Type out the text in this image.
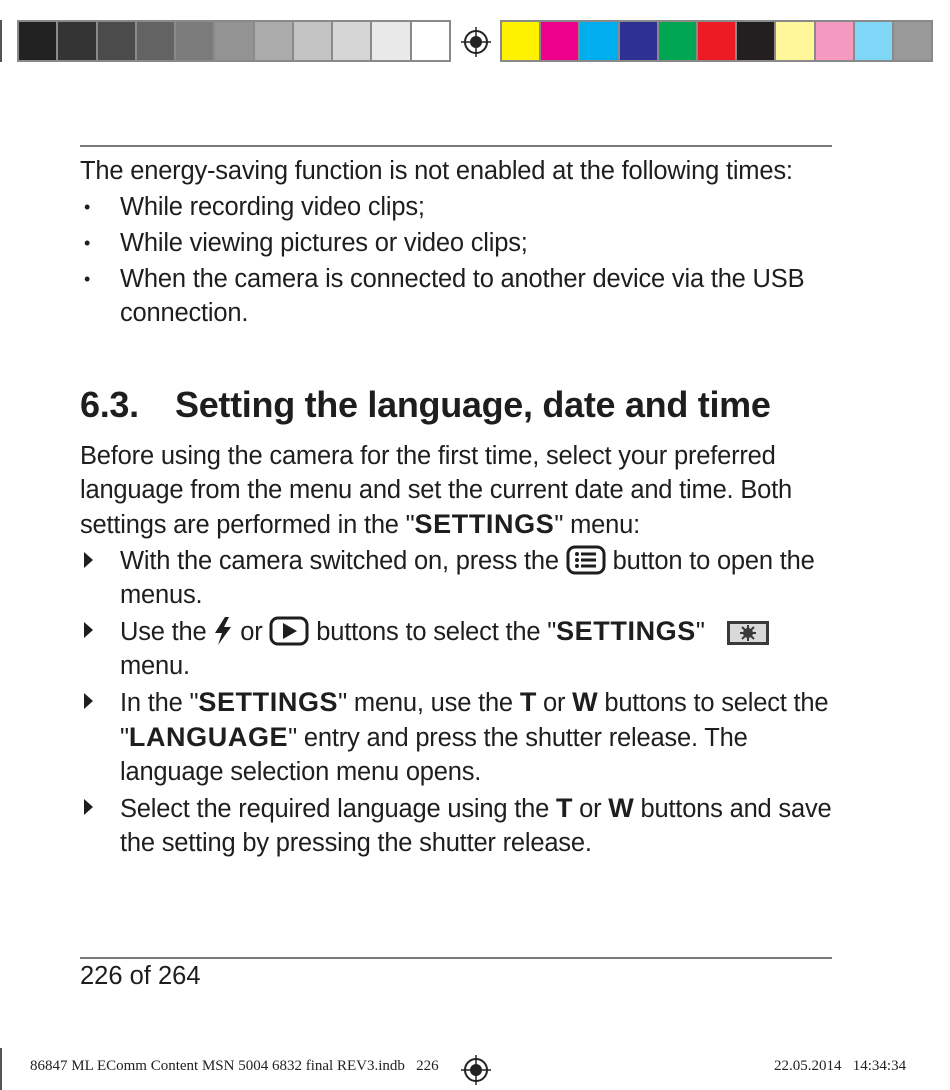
The energy-saving function is not enabled at the following times:

• While recording video clips;
• While viewing pictures or video clips;
• When the camera is connected to another device via the USB connection.
6.3. Setting the language, date and time

Before using the camera for the first time, select your preferred language from the menu and set the current date and time. Both settings are performed in the "SETTINGS" menu:

With the camera switched on, press the  button to open the menus.
Use the  or  buttons to select the "SETTINGS"
menu.
In the "SETTINGS" menu, use the T or W buttons to select the "LANGUAGE" entry and press the shutter release. The language selection menu opens.
Select the required language using the T or W buttons and save the setting by pressing the shutter release.
226 of 264
86847 ML EComm Content MSN 5004 6832 final REV3.indb 226	22.05.2014 14:34:34
